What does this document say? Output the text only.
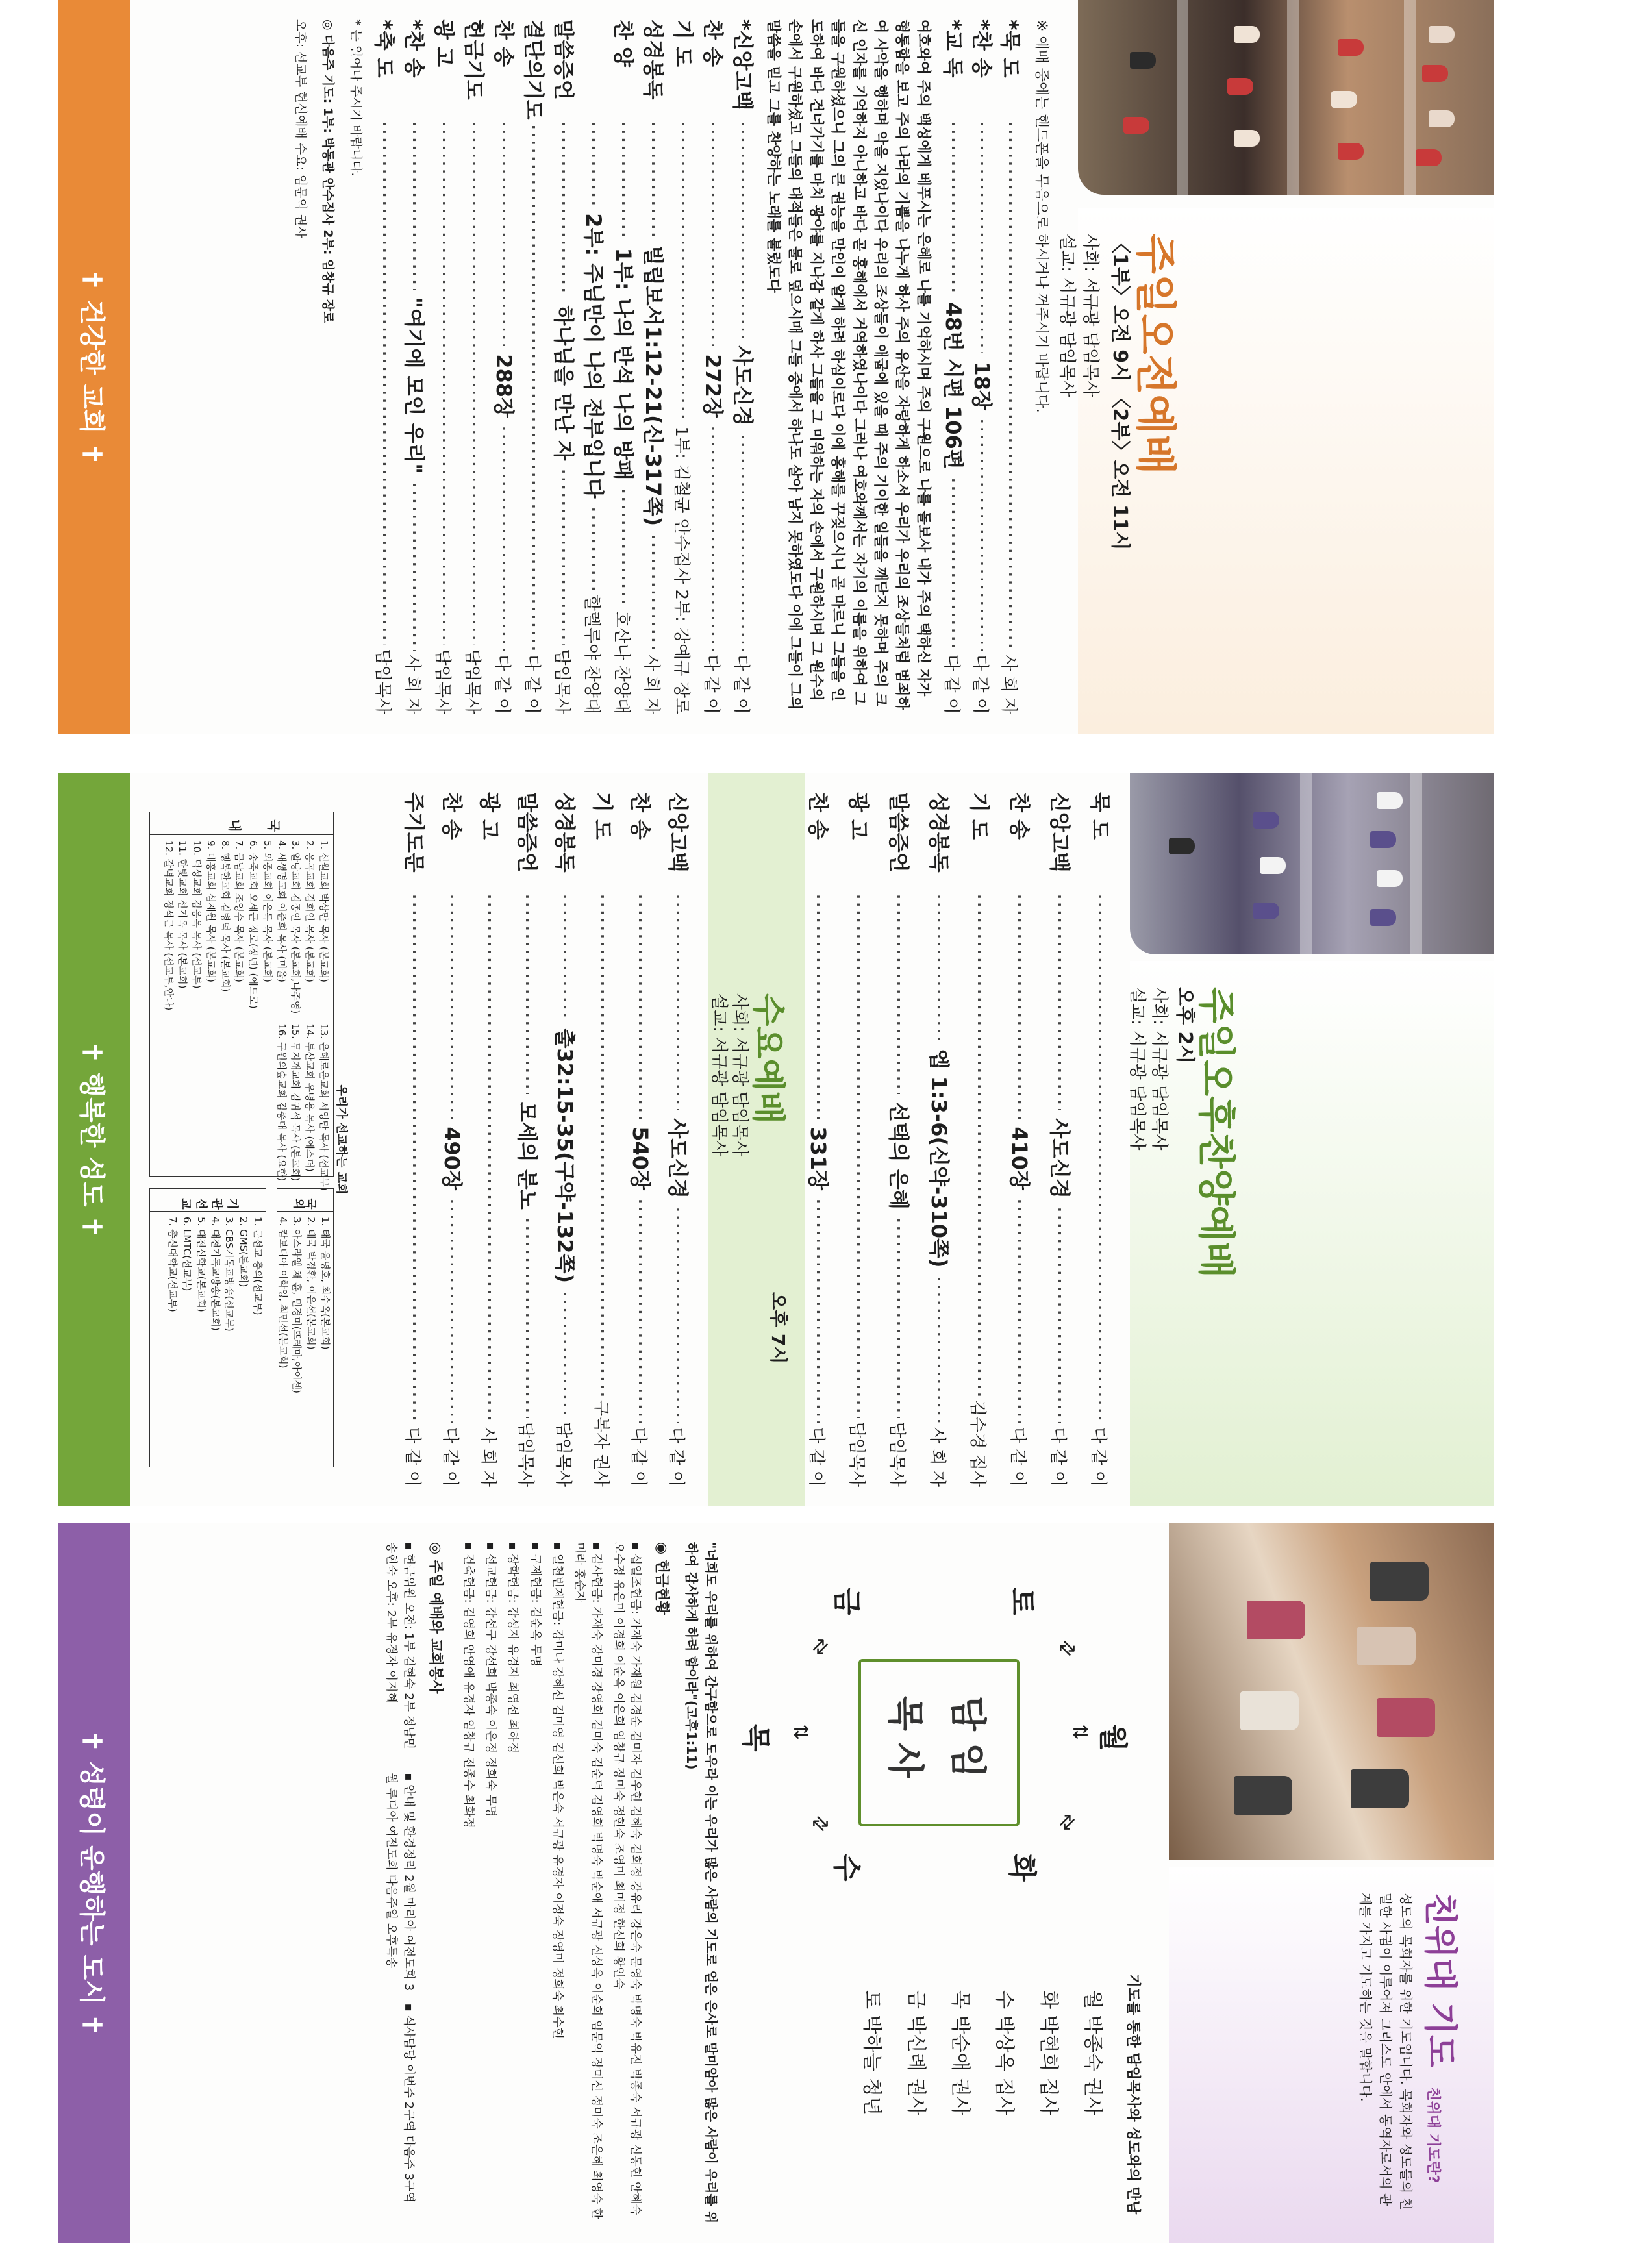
주일오전예배
〈1부〉오전 9시 〈2부〉오전 11시
사회: 서규광 담임목사
설교: 서규광 담임목사
※ 예배 중에는 핸드폰을 무음으로 하시거나 꺼주시기 바랍니다.
*묵 도
·····
사 회 자
*찬 송
·····
18장
·····
다 같 이
*교 독
·····
48번 시편 106편
·····
다 같 이
여호와여 주의 백성에게 베푸시는 은혜로 나를 기억하시며 주의 구원으로 나를 돌보사 내가 주의 택하신 자가 형통함을 보고 주의 나라의 기쁨을 나누게 하사 주의 유산을 자랑하게 하소서 우리가 우리의 조상들처럼 범죄하여 사악을 행하며 악을 지었나이다 우리의 조상들이 애굽에 있을 때 주의 기이한 일들을 깨닫지 못하며 주의 크신 인자를 기억하지 아니하고 바다 곧 홍해에서 거역하였나이다 그러나 여호와께서는 자기의 이름을 위하여 그들을 구원하셨으니 그의 큰 권능을 만인이 알게 하려 하심이로다 이에 홍해를 꾸짖으시니 곧 마르니 그들을 인도하여 바다 건너가기를 마치 광야를 지나감 같게 하사 그들을 그 미워하는 자의 손에서 구원하시며 그 원수의 손에서 구원하셨고 그들의 대적들은 물로 덮으시매 그들 중에서 하나도 살아 남지 못하였도다 이에 그들이 그의 말씀을 믿고 그를 찬양하는 노래를 불렀도다
*신앙고백
·····
사도신경
·····
다 같 이
찬 송
·····
272장
·····
다 같 이
기 도
·····
1부: 김철균 안수집사 2부: 강예규 장로
성경봉독
·····
빌립보서1:12-21(신-317쪽)
·····
사 회 자
찬 양
·····
1부: 나의 반석 나의 방패
·····
호산나 찬양대
·····
2부: 주님만이 나의 전부입니다
·····
할렐루야 찬양대
말씀증언
·····
하나님을 만난 자
·····
담임목사
결단의기도
·····
다 같 이
찬 송
·····
288장
·····
다 같 이
헌금기도
·····
담임목사
광 고
·····
담임목사
*찬 송
·····
"여기에 모인 우리"
·····
사 회 자
*축 도
·····
담임목사
* 는 일어나 주시기 바랍니다.
◎ 다음주 기도: 1부: 박동관 안수집사 2부: 임창규 장로
오후: 선교부 헌신예배 수요: 임문익 권사
✝ 건강한 교회 ✝
주일오후찬양예배
오후 2시
사회: 서규광 담임목사
설교: 서규광 담임목사
묵 도
·····
다 같 이
신앙고백
·····
사도신경
·····
다 같 이
찬 송
·····
410장
·····
다 같 이
기 도
·····
김수경 집사
성경봉독
·····
엡 1:3-6(신약-310쪽)
·····
사 회 자
말씀증언
·····
선택의 은혜
·····
담임목사
광 고
·····
담임목사
찬 송
·····
331장
·····
다 같 이
·····
수요예배
오후 7시
사회: 서규광 담임목사
설교: 서규광 담임목사
신앙고백
·····
사도신경
·····
다 같 이
찬 송
·····
540장
·····
다 같 이
기 도
·····
구복자 권사
성경봉독
·····
출32:15-35(구약-132쪽)
·····
담임목사
말씀증언
·····
모세의 분노
·····
담임목사
광 고
·····
사 회 자
찬 송
·····
490장
·····
다 같 이
주기도문
·····
다 같 이
우리가 선교하는 교회
국내
1. 신월교회 박상만 목사 (본교회)
2. 응곡교회 김희인 목사 (본교회)
3. 알땅교회 김종인 목사 (본교회,나주영)
4. 새생명교회 이준희 목사 (미율)
5. 외종교회 이은득 목사 (본교회)
6. 송죽교회 오세근 장로(장년) (에드로)
7. 금남교회 조영수 목사 (본교회)
8. 행복한교회 김병덕 목사 (본교회)
9. 대흥교회 심재원 목사 (본교회)
10. 덕성교회 김응옥 목사 (선교부)
11. 한빛교회 선기옥 목사 (본교회)
12. 갈벽교회 정석근 목사 (선교부,안나)
13. 은혜로운교회 서영만 목사 (선교부)
14. 부산교회 우병용 목사 (에스더)
15. 무지개교회 김귀석 목사 (본교회)
16. 구원의숲교회 김종대 목사 (요한)
국외
1. 태국 윤명호, 최수옥(본교회)
2. 태국 박경환, 이은선(본교회)
3. 아스라엘 채 휸, 민경미(뜨레마,아이센)
4. 캄보디아 이학영, 최민선(본교회)
기관선교
1. 군선교 충의(선교부)
2. GMS(본교회)
3. CBS기독교방송(선교부)
4. 대전기독교방송(본교회)
5. 대전신학교(본교회)
6. LMTC(선교부)
7. 총신대학교(선교부)
✝ 행복한 성도 ✝
친위대 기도
친위대 기도란?
성도의 목회자를 위한 기도입니다. 목회자와 성도들의 친밀한 사귐이 이루어져 그리스도 안에서 동역자로서의 관계를 가지고 기도하는 것을 말합니다.
월
화
수
목
금	토
⇅
⇅
⇅
⇅
⇅	⇅
담임
목사
기도를 통한 담임목사와 성도와의 만남
월 박종숙 권사
화 박현희 집사
수 박상옥 집사
목 박순애 권사
금 박신례 권사
토 박하늘 청년
"너희도 우리를 위하여 간구함으로 도우라 이는 우리가 많은 사람의 기도로 얻은 은사로 말미암아 많은 사람이 우리를 위하여 감사하게 하려 함이라"(고후1:11)
◉ 헌금현황
▪ 십일조헌금: 가재숙 가재원 김경순 김미자 김우현 김혜숙 김희정 강유리 강은숙 문영숙 박명숙 박유진 박종숙 서규광 신동현 안혜숙 오수정 유은미 이경희 이순옥 이은희 임창규 장미숙 정현숙 조영미 최미정 한선희 황인숙
▪ 감사헌금: 가재숙 강미경 강영희 김미숙 김순덕 김영희 박명숙 박순애 서규광 신상옥 이순희 임문익 장미선 정미숙 조은혜 최영숙 한미라 홍순자
▪ 일천번제헌금: 강미나 강혜선 김미영 김선희 박은숙 서규광 유경자 이정숙 장영미 정희숙 최수현
▪ 구제헌금: 김순옥 무명
▪ 장학헌금: 강성자 유경자 최영선 최하정
▪ 선교헌금: 강선구 강선희 박종숙 이은정 정희숙 무명
▪ 건축헌금: 김영희 안영애 유경자 임창규 전종수 최화정
◎ 주일 예배와 교회봉사
▪ 헌금위원 오전: 1부 김현숙 2부 정남민 송현숙 오후: 2부 유경자 이지혜
▪ 안내 및 환경정리 2월 마리아 여전도회 3월 루디아 여전도회 다음주일 오후특송
▪ 식사담당 이번주 2구역 다음주 3구역
✝ 성령이 운행하는 도시 ✝
